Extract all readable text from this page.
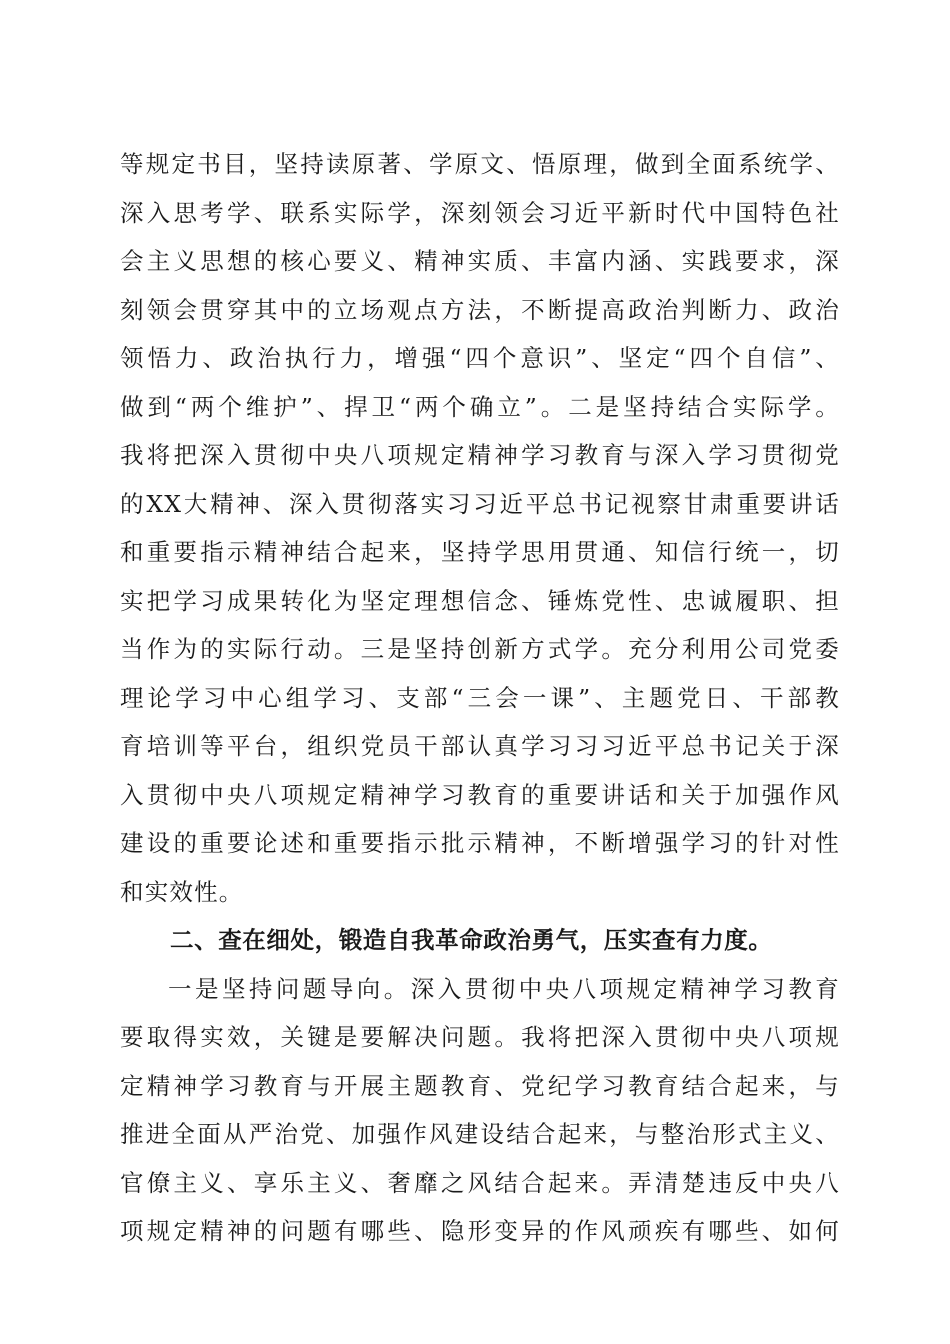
等规定书目，坚持读原著、学原文、悟原理，做到全面系统学、
深入思考学、联系实际学，深刻领会习近平新时代中国特色社
会主义思想的核心要义、精神实质、丰富内涵、实践要求，深
刻领会贯穿其中的立场观点方法，不断提高政治判断力、政治
领悟力、政治执行力，增强“四个意识”、坚定“四个自信”、
做到“两个维护”、捍卫“两个确立”。二是坚持结合实际学。
我将把深入贯彻中央八项规定精神学习教育与深入学习贯彻党
的XX大精神、深入贯彻落实习习近平总书记视察甘肃重要讲话
和重要指示精神结合起来，坚持学思用贯通、知信行统一，切
实把学习成果转化为坚定理想信念、锤炼党性、忠诚履职、担
当作为的实际行动。三是坚持创新方式学。充分利用公司党委
理论学习中心组学习、支部“三会一课”、主题党日、干部教
育培训等平台，组织党员干部认真学习习习近平总书记关于深
入贯彻中央八项规定精神学习教育的重要讲话和关于加强作风
建设的重要论述和重要指示批示精神，不断增强学习的针对性
和实效性。
二、查在细处，锻造自我革命政治勇气，压实查有力度。
一是坚持问题导向。深入贯彻中央八项规定精神学习教育
要取得实效，关键是要解决问题。我将把深入贯彻中央八项规
定精神学习教育与开展主题教育、党纪学习教育结合起来，与
推进全面从严治党、加强作风建设结合起来，与整治形式主义、
官僚主义、享乐主义、奢靡之风结合起来。弄清楚违反中央八
项规定精神的问题有哪些、隐形变异的作风顽疾有哪些、如何
